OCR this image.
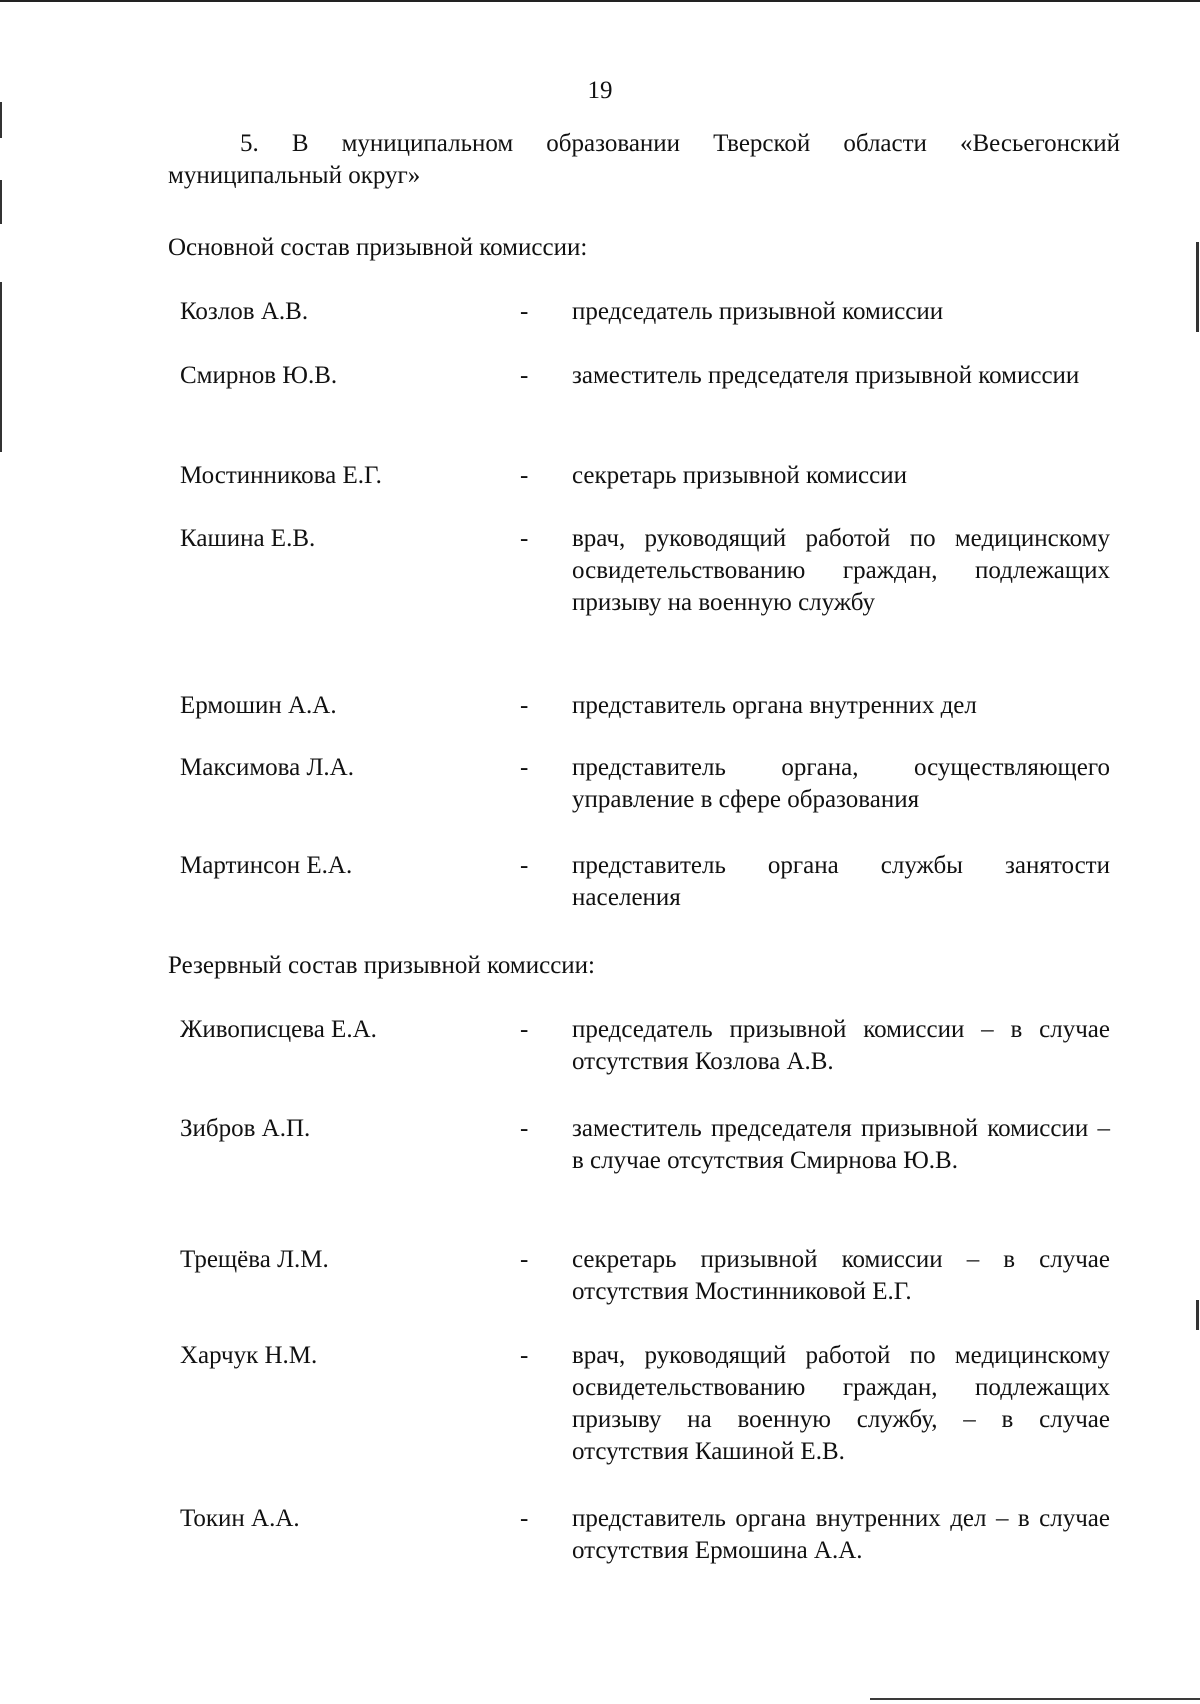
19
5. В муниципальном образовании Тверской области «Весьегонский
муниципальный округ»
Основной состав призывной комиссии:
Козлов А.В.	- председатель призывной комиссии
Смирнов Ю.В.	- заместитель председателя призывной комиссии
Мостинникова Е.Г.	- секретарь призывной комиссии
Кашина Е.В.	- врач, руководящий работой по медицинскому освидетельствованию граждан, подлежащих призыву на военную службу
Ермошин А.А.	- представитель органа внутренних дел
Максимова Л.А.	- представитель органа, осуществляющего управление в сфере образования
Мартинсон Е.А.	- представитель органа службы занятости населения
Резервный состав призывной комиссии:
Живописцева Е.А.	- председатель призывной комиссии – в случае отсутствия Козлова А.В.
Зибров А.П.	- заместитель председателя призывной комиссии – в случае отсутствия Смирнова Ю.В.
Трещёва Л.М.	- секретарь призывной комиссии – в случае отсутствия Мостинниковой Е.Г.
Харчук Н.М.	- врач, руководящий работой по медицинскому освидетельствованию граждан, подлежащих призыву на военную службу, – в случае отсутствия Кашиной Е.В.
Токин А.А.	- представитель органа внутренних дел – в случае отсутствия Ермошина А.А.
